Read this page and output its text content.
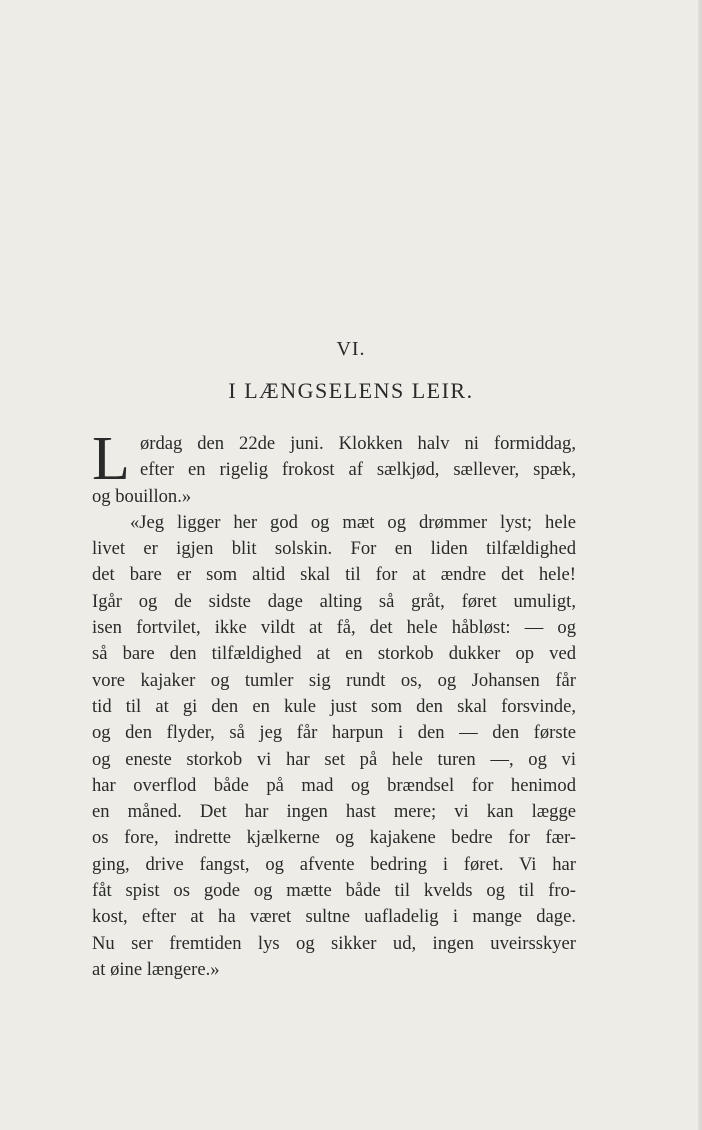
VI.
I LÆNGSELENS LEIR.
L ørdag den 22de juni. Klokken halv ni formiddag,
efter en rigelig frokost af sælkjød, sællever, spæk,
og bouillon.»
«Jeg ligger her god og mæt og drømmer lyst; hele
livet er igjen blit solskin. For en liden tilfældighed
det bare er som altid skal til for at ændre det hele!
Igår og de sidste dage alting så gråt, føret umuligt,
isen fortvilet, ikke vildt at få, det hele håbløst: — og
så bare den tilfældighed at en storkob dukker op ved
vore kajaker og tumler sig rundt os, og Johansen får
tid til at gi den en kule just som den skal forsvinde,
og den flyder, så jeg får harpun i den — den første
og eneste storkob vi har set på hele turen —, og vi
har overflod både på mad og brændsel for henimod
en måned. Det har ingen hast mere; vi kan lægge
os fore, indrette kjælkerne og kajakene bedre for fær-
ging, drive fangst, og afvente bedring i føret. Vi har
fåt spist os gode og mætte både til kvelds og til fro-
kost, efter at ha været sultne uafladelig i mange dage.
Nu ser fremtiden lys og sikker ud, ingen uveirsskyer
at øine længere.»
